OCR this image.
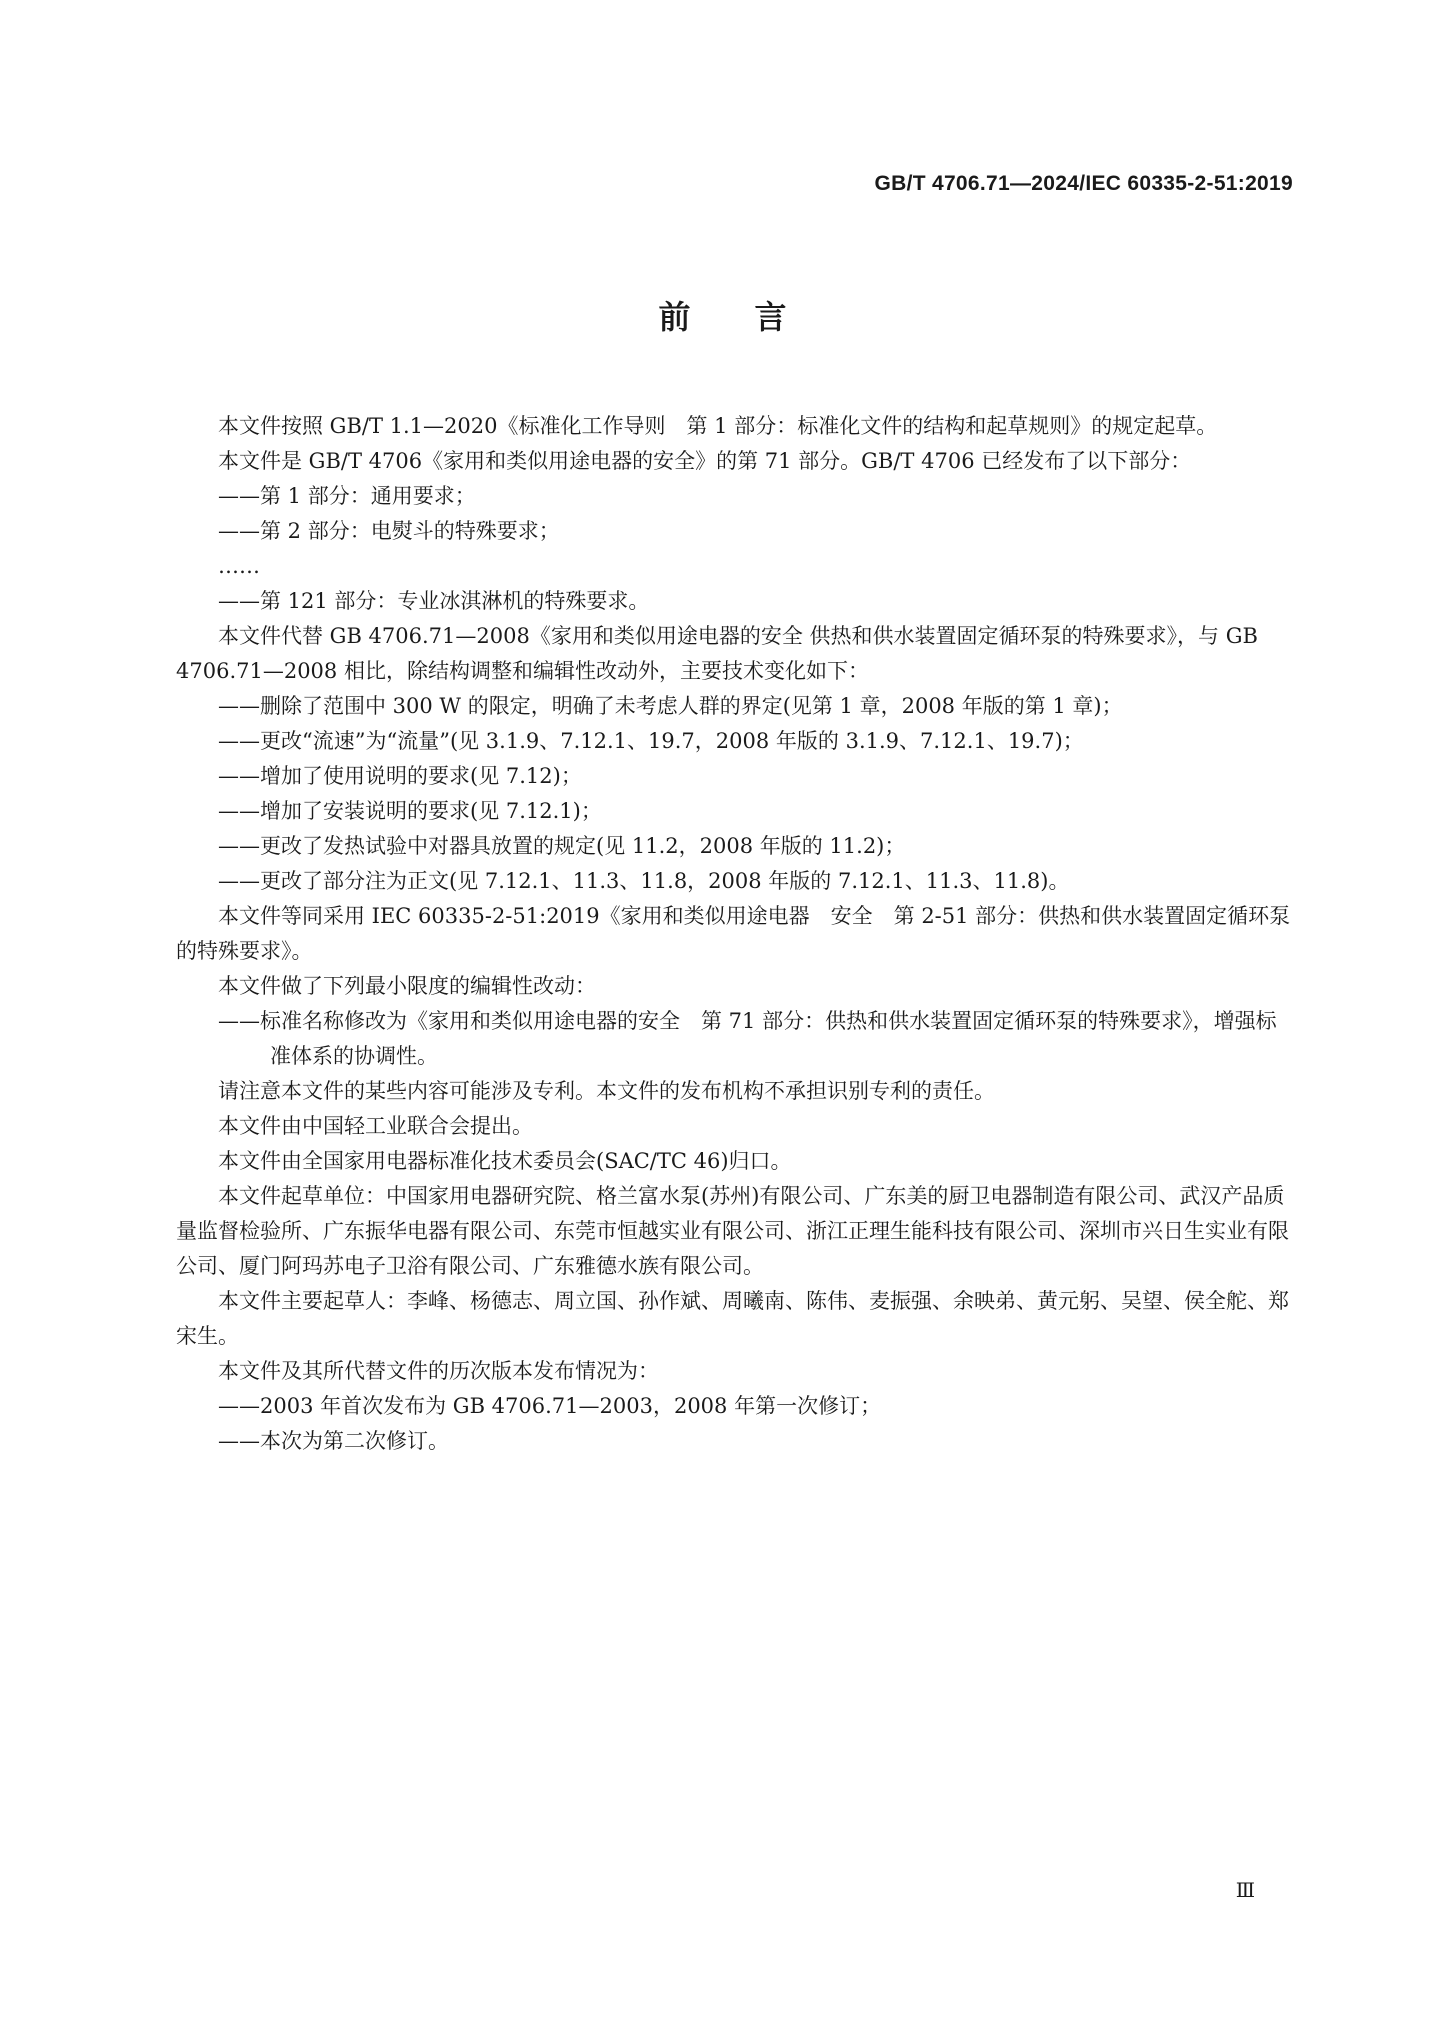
GB/T 4706.71—2024/IEC 60335-2-51:2019
前言

本文件按照 GB/T 1.1—2020《标准化工作导则　第 1 部分：标准化文件的结构和起草规则》的规定起草。

本文件是 GB/T 4706《家用和类似用途电器的安全》的第 71 部分。GB/T 4706 已经发布了以下部分：

——第 1 部分：通用要求；

——第 2 部分：电熨斗的特殊要求；

……

——第 121 部分：专业冰淇淋机的特殊要求。

本文件代替 GB 4706.71—2008《家用和类似用途电器的安全 供热和供水装置固定循环泵的特殊要求》，与 GB 4706.71—2008 相比，除结构调整和编辑性改动外，主要技术变化如下：

——删除了范围中 300 W 的限定，明确了未考虑人群的界定(见第 1 章，2008 年版的第 1 章)；

——更改“流速”为“流量”(见 3.1.9、7.12.1、19.7，2008 年版的 3.1.9、7.12.1、19.7)；

——增加了使用说明的要求(见 7.12)；

——增加了安装说明的要求(见 7.12.1)；

——更改了发热试验中对器具放置的规定(见 11.2，2008 年版的 11.2)；

——更改了部分注为正文(见 7.12.1、11.3、11.8，2008 年版的 7.12.1、11.3、11.8)。

本文件等同采用 IEC 60335-2-51:2019《家用和类似用途电器　安全　第 2-51 部分：供热和供水装置固定循环泵的特殊要求》。

本文件做了下列最小限度的编辑性改动：

——标准名称修改为《家用和类似用途电器的安全　第 71 部分：供热和供水装置固定循环泵的特殊要求》，增强标准体系的协调性。

请注意本文件的某些内容可能涉及专利。本文件的发布机构不承担识别专利的责任。

本文件由中国轻工业联合会提出。

本文件由全国家用电器标准化技术委员会(SAC/TC 46)归口。

本文件起草单位：中国家用电器研究院、格兰富水泵(苏州)有限公司、广东美的厨卫电器制造有限公司、武汉产品质量监督检验所、广东振华电器有限公司、东莞市恒越实业有限公司、浙江正理生能科技有限公司、深圳市兴日生实业有限公司、厦门阿玛苏电子卫浴有限公司、广东雅德水族有限公司。

本文件主要起草人：李峰、杨德志、周立国、孙作斌、周曦南、陈伟、麦振强、余映弟、黄元躬、吴望、侯全舵、郑宋生。

本文件及其所代替文件的历次版本发布情况为：

——2003 年首次发布为 GB 4706.71—2003，2008 年第一次修订；

——本次为第二次修订。

Ⅲ
